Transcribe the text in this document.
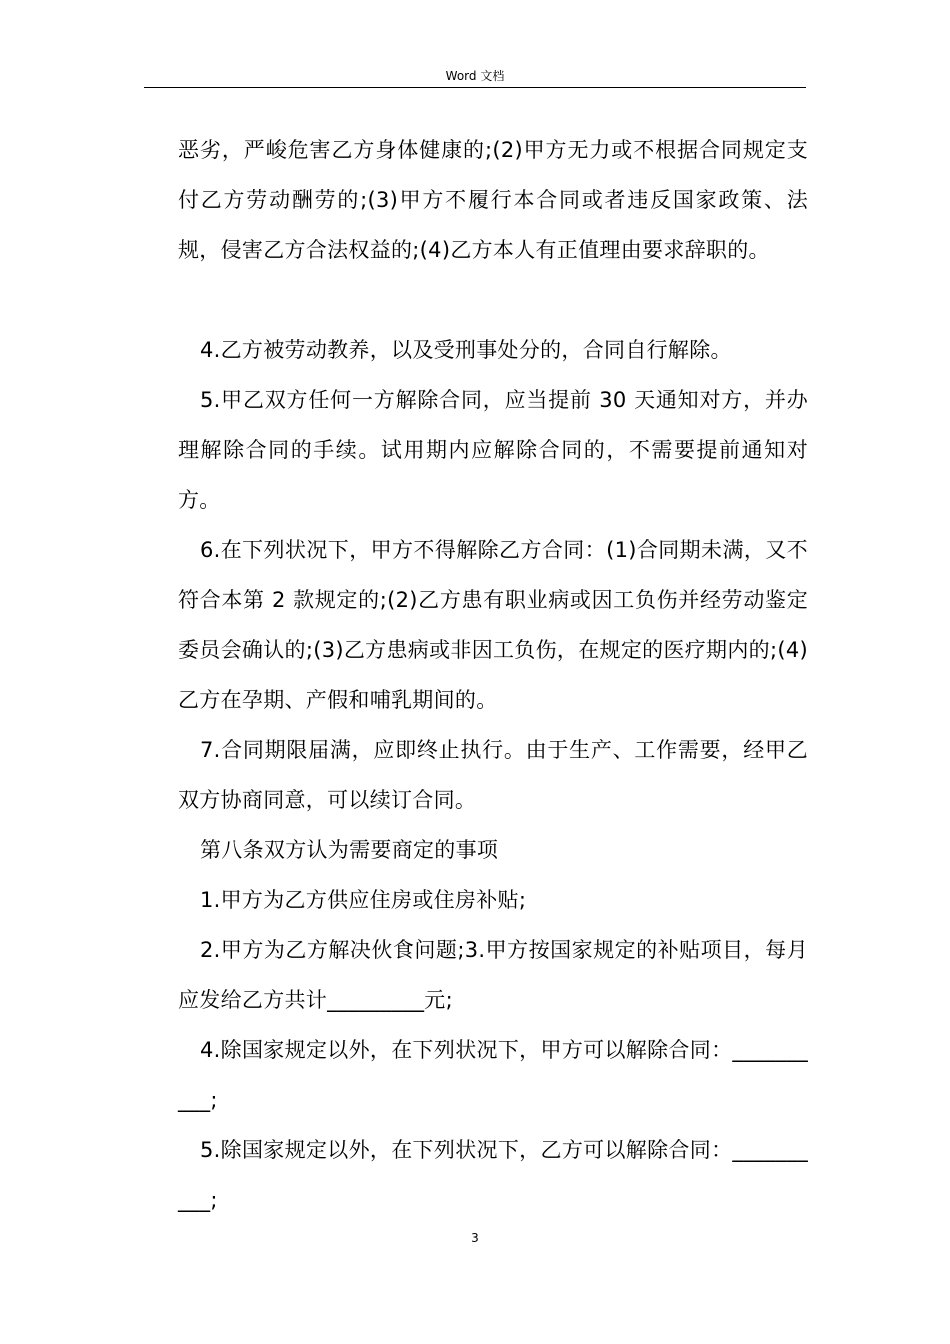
Word 文档

恶劣，严峻危害乙方身体健康的;(2)甲方无力或不根据合同规定支付乙方劳动酬劳的;(3)甲方不履行本合同或者违反国家政策、法规，侵害乙方合法权益的;(4)乙方本人有正值理由要求辞职的。

4.乙方被劳动教养，以及受刑事处分的，合同自行解除。

5.甲乙双方任何一方解除合同，应当提前 30 天通知对方，并办理解除合同的手续。试用期内应解除合同的，不需要提前通知对方。

6.在下列状况下，甲方不得解除乙方合同：(1)合同期未满，又不符合本第 2 款规定的;(2)乙方患有职业病或因工负伤并经劳动鉴定委员会确认的;(3)乙方患病或非因工负伤，在规定的医疗期内的;(4)乙方在孕期、产假和哺乳期间的。

7.合同期限届满，应即终止执行。由于生产、工作需要，经甲乙双方协商同意，可以续订合同。

第八条双方认为需要商定的事项

1.甲方为乙方供应住房或住房补贴;

2.甲方为乙方解决伙食问题;3.甲方按国家规定的补贴项目，每月应发给乙方共计_________元;

4.除国家规定以外，在下列状况下，甲方可以解除合同：__________;

5.除国家规定以外，在下列状况下，乙方可以解除合同：__________;

3
